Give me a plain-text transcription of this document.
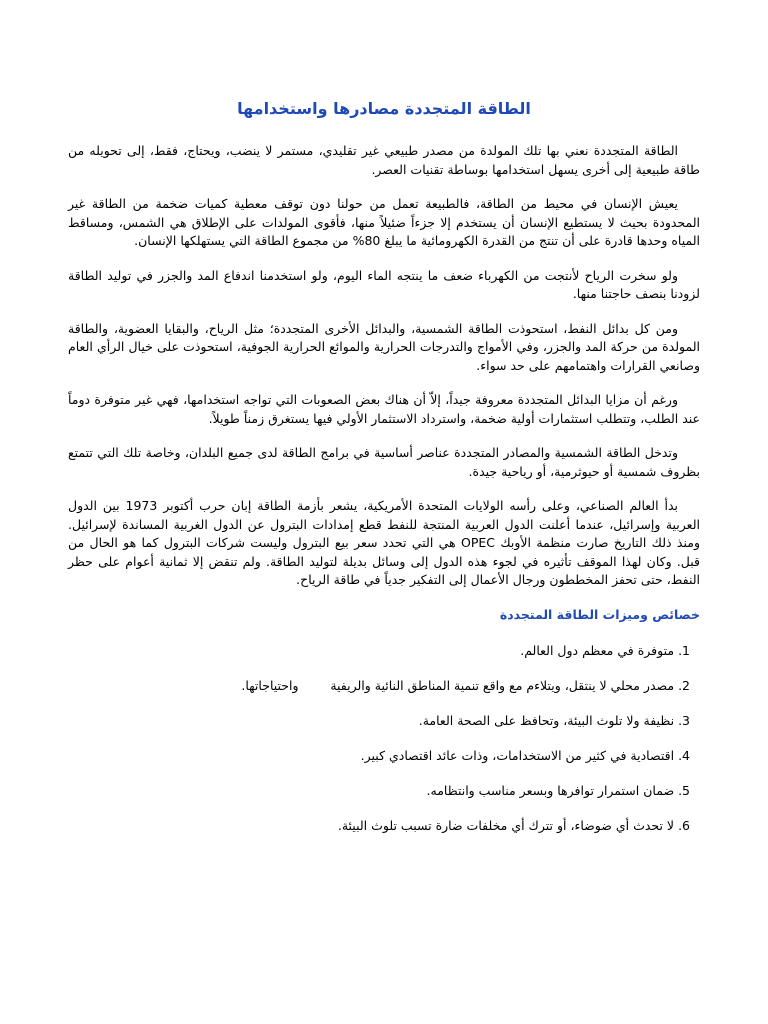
الطاقة المتجددة مصادرها واستخدامها

الطاقة المتجددة نعني بها تلك المولدة من مصدر طبيعي غير تقليدي، مستمر لا ينضب، ويحتاج، فقط، إلى تحويله من طاقة طبيعية إلى أخرى يسهل استخدامها بوساطة تقنيات العصر.

يعيش الإنسان في محيط من الطاقة، فالطبيعة تعمل من حولنا دون توقف معطية كميات ضخمة من الطاقة غير المحدودة بحيث لا يستطيع الإنسان أن يستخدم إلا جزءاً ضئيلاً منها، فأقوى المولدات على الإطلاق هي الشمس، ومساقط المياه وحدها قادرة على أن تنتج من القدرة الكهرومائية ما يبلغ 80% من مجموع الطاقة التي يستهلكها الإنسان.

ولو سخرت الرياح لأنتجت من الكهرباء ضعف ما ينتجه الماء اليوم، ولو استخدمنا اندفاع المد والجزر في توليد الطاقة لزودنا بنصف حاجتنا منها.

ومن كل بدائل النفط، استحوذت الطاقة الشمسية، والبدائل الأخرى المتجددة؛ مثل الرياح، والبقايا العضوية، والطاقة المولدة من حركة المد والجزر، وفي الأمواج والتدرجات الحرارية والموائع الحرارية الجوفية، استحوذت على خيال الرأي العام وصانعي القرارات واهتمامهم على حد سواء.

ورغم أن مزايا البدائل المتجددة معروفة جيداً، إلاّ أن هناك بعض الصعوبات التي تواجه استخدامها، فهي غير متوفرة دوماً عند الطلب، وتتطلب استثمارات أولية ضخمة، واسترداد الاستثمار الأولي فيها يستغرق زمناً طويلاً.

وتدخل الطاقة الشمسية والمصادر المتجددة عناصر أساسية في برامج الطاقة لدى جميع البلدان، وخاصة تلك التي تتمتع بظروف شمسية أو حيوثرمية، أو رياحية جيدة.

بدأ العالم الصناعي، وعلى رأسه الولايات المتحدة الأمريكية، يشعر بأزمة الطاقة إبان حرب أكتوبر 1973 بين الدول العربية وإسرائيل، عندما أعلنت الدول العربية المنتجة للنفط قطع إمدادات البترول عن الدول الغربية المساندة لإسرائيل. ومنذ ذلك التاريخ صارت منظمة الأوبك OPEC هي التي تحدد سعر بيع البترول وليست شركات البترول كما هو الحال من قبل. وكان لهذا الموقف تأثيره في لجوء هذه الدول إلى وسائل بديلة لتوليد الطاقة. ولم تنقض إلا ثمانية أعوام على حظر النفط، حتى تحفز المخططون ورجال الأعمال إلى التفكير جدياً في طاقة الرياح.

خصائص وميزات الطاقة المتجددة
1.
متوفرة في معظم دول العالم.
2.
مصدر محلي لا ينتقل، ويتلاءم مع واقع تنمية المناطق النائية والريفية        واحتياجاتها.
3.
نظيفة ولا تلوث البيئة، وتحافظ على الصحة العامة.
4.
اقتصادية في كثير من الاستخدامات، وذات عائد اقتصادي كبير.
5.
ضمان استمرار توافرها وبسعر مناسب وانتظامه.
6.
لا تحدث أي ضوضاء، أو تترك أي مخلفات ضارة تسبب تلوث البيئة.
